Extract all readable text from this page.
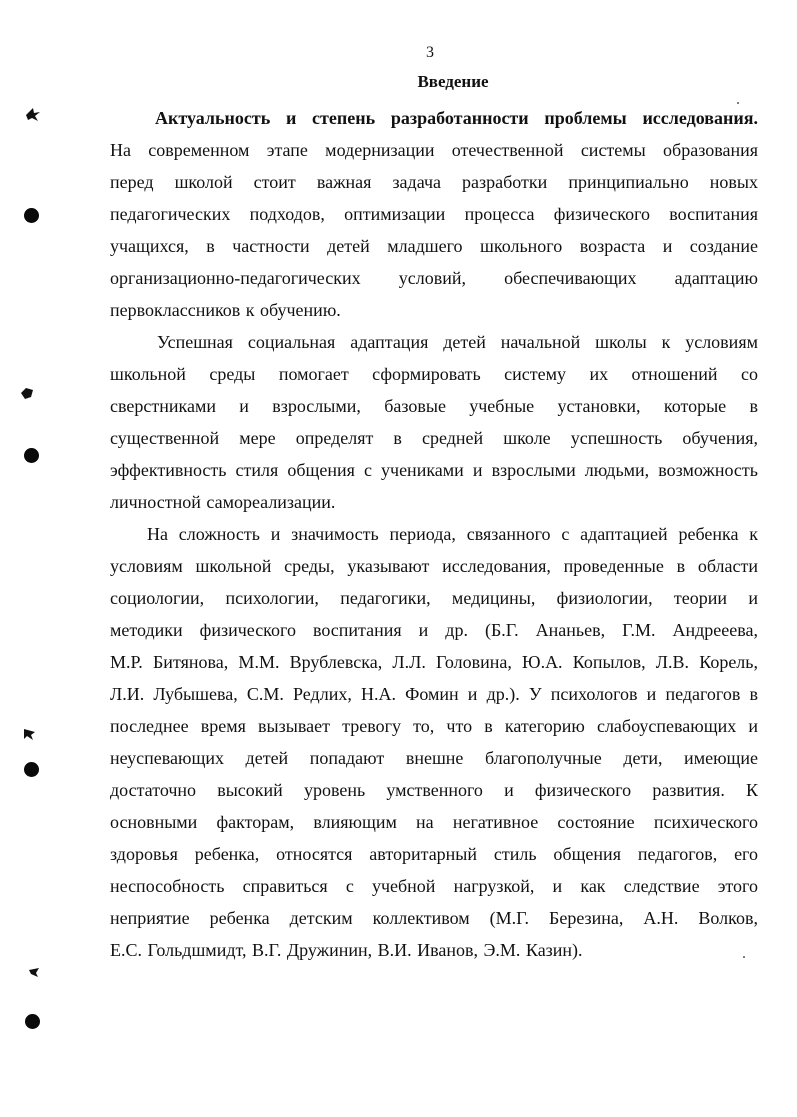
3
Введение
Актуальность и степень разработанности проблемы исследования.
На современном этапе модернизации отечественной системы образования
перед школой стоит важная задача разработки принципиально новых
педагогических подходов, оптимизации процесса физического воспитания
учащихся, в частности детей младшего школьного возраста и создание
организационно-педагогических условий, обеспечивающих адаптацию
первоклассников к обучению.
Успешная социальная адаптация детей начальной школы к условиям
школьной среды помогает сформировать систему их отношений со
сверстниками и взрослыми, базовые учебные установки, которые в
существенной мере определят в средней школе успешность обучения,
эффективность стиля общения с учениками и взрослыми людьми, возможность
личностной самореализации.
На сложность и значимость периода, связанного с адаптацией ребенка к
условиям школьной среды, указывают исследования, проведенные в области
социологии, психологии, педагогики, медицины, физиологии, теории и
методики физического воспитания и др. (Б.Г. Ананьев, Г.М. Андрееева,
М.Р. Битянова, М.М. Врублевска, Л.Л. Головина, Ю.А. Копылов, Л.В. Корель,
Л.И. Лубышева, С.М. Редлих, Н.А. Фомин и др.). У психологов и педагогов в
последнее время вызывает тревогу то, что в категорию слабоуспевающих и
неуспевающих детей попадают внешне благополучные дети, имеющие
достаточно высокий уровень умственного и физического развития. К
основными факторам, влияющим на негативное состояние психического
здоровья ребенка, относятся авторитарный стиль общения педагогов, его
неспособность справиться с учебной нагрузкой, и как следствие этого
неприятие ребенка детским коллективом (М.Г. Березина, А.Н. Волков,
Е.С. Гольдшмидт, В.Г. Дружинин, В.И. Иванов, Э.М. Казин).
